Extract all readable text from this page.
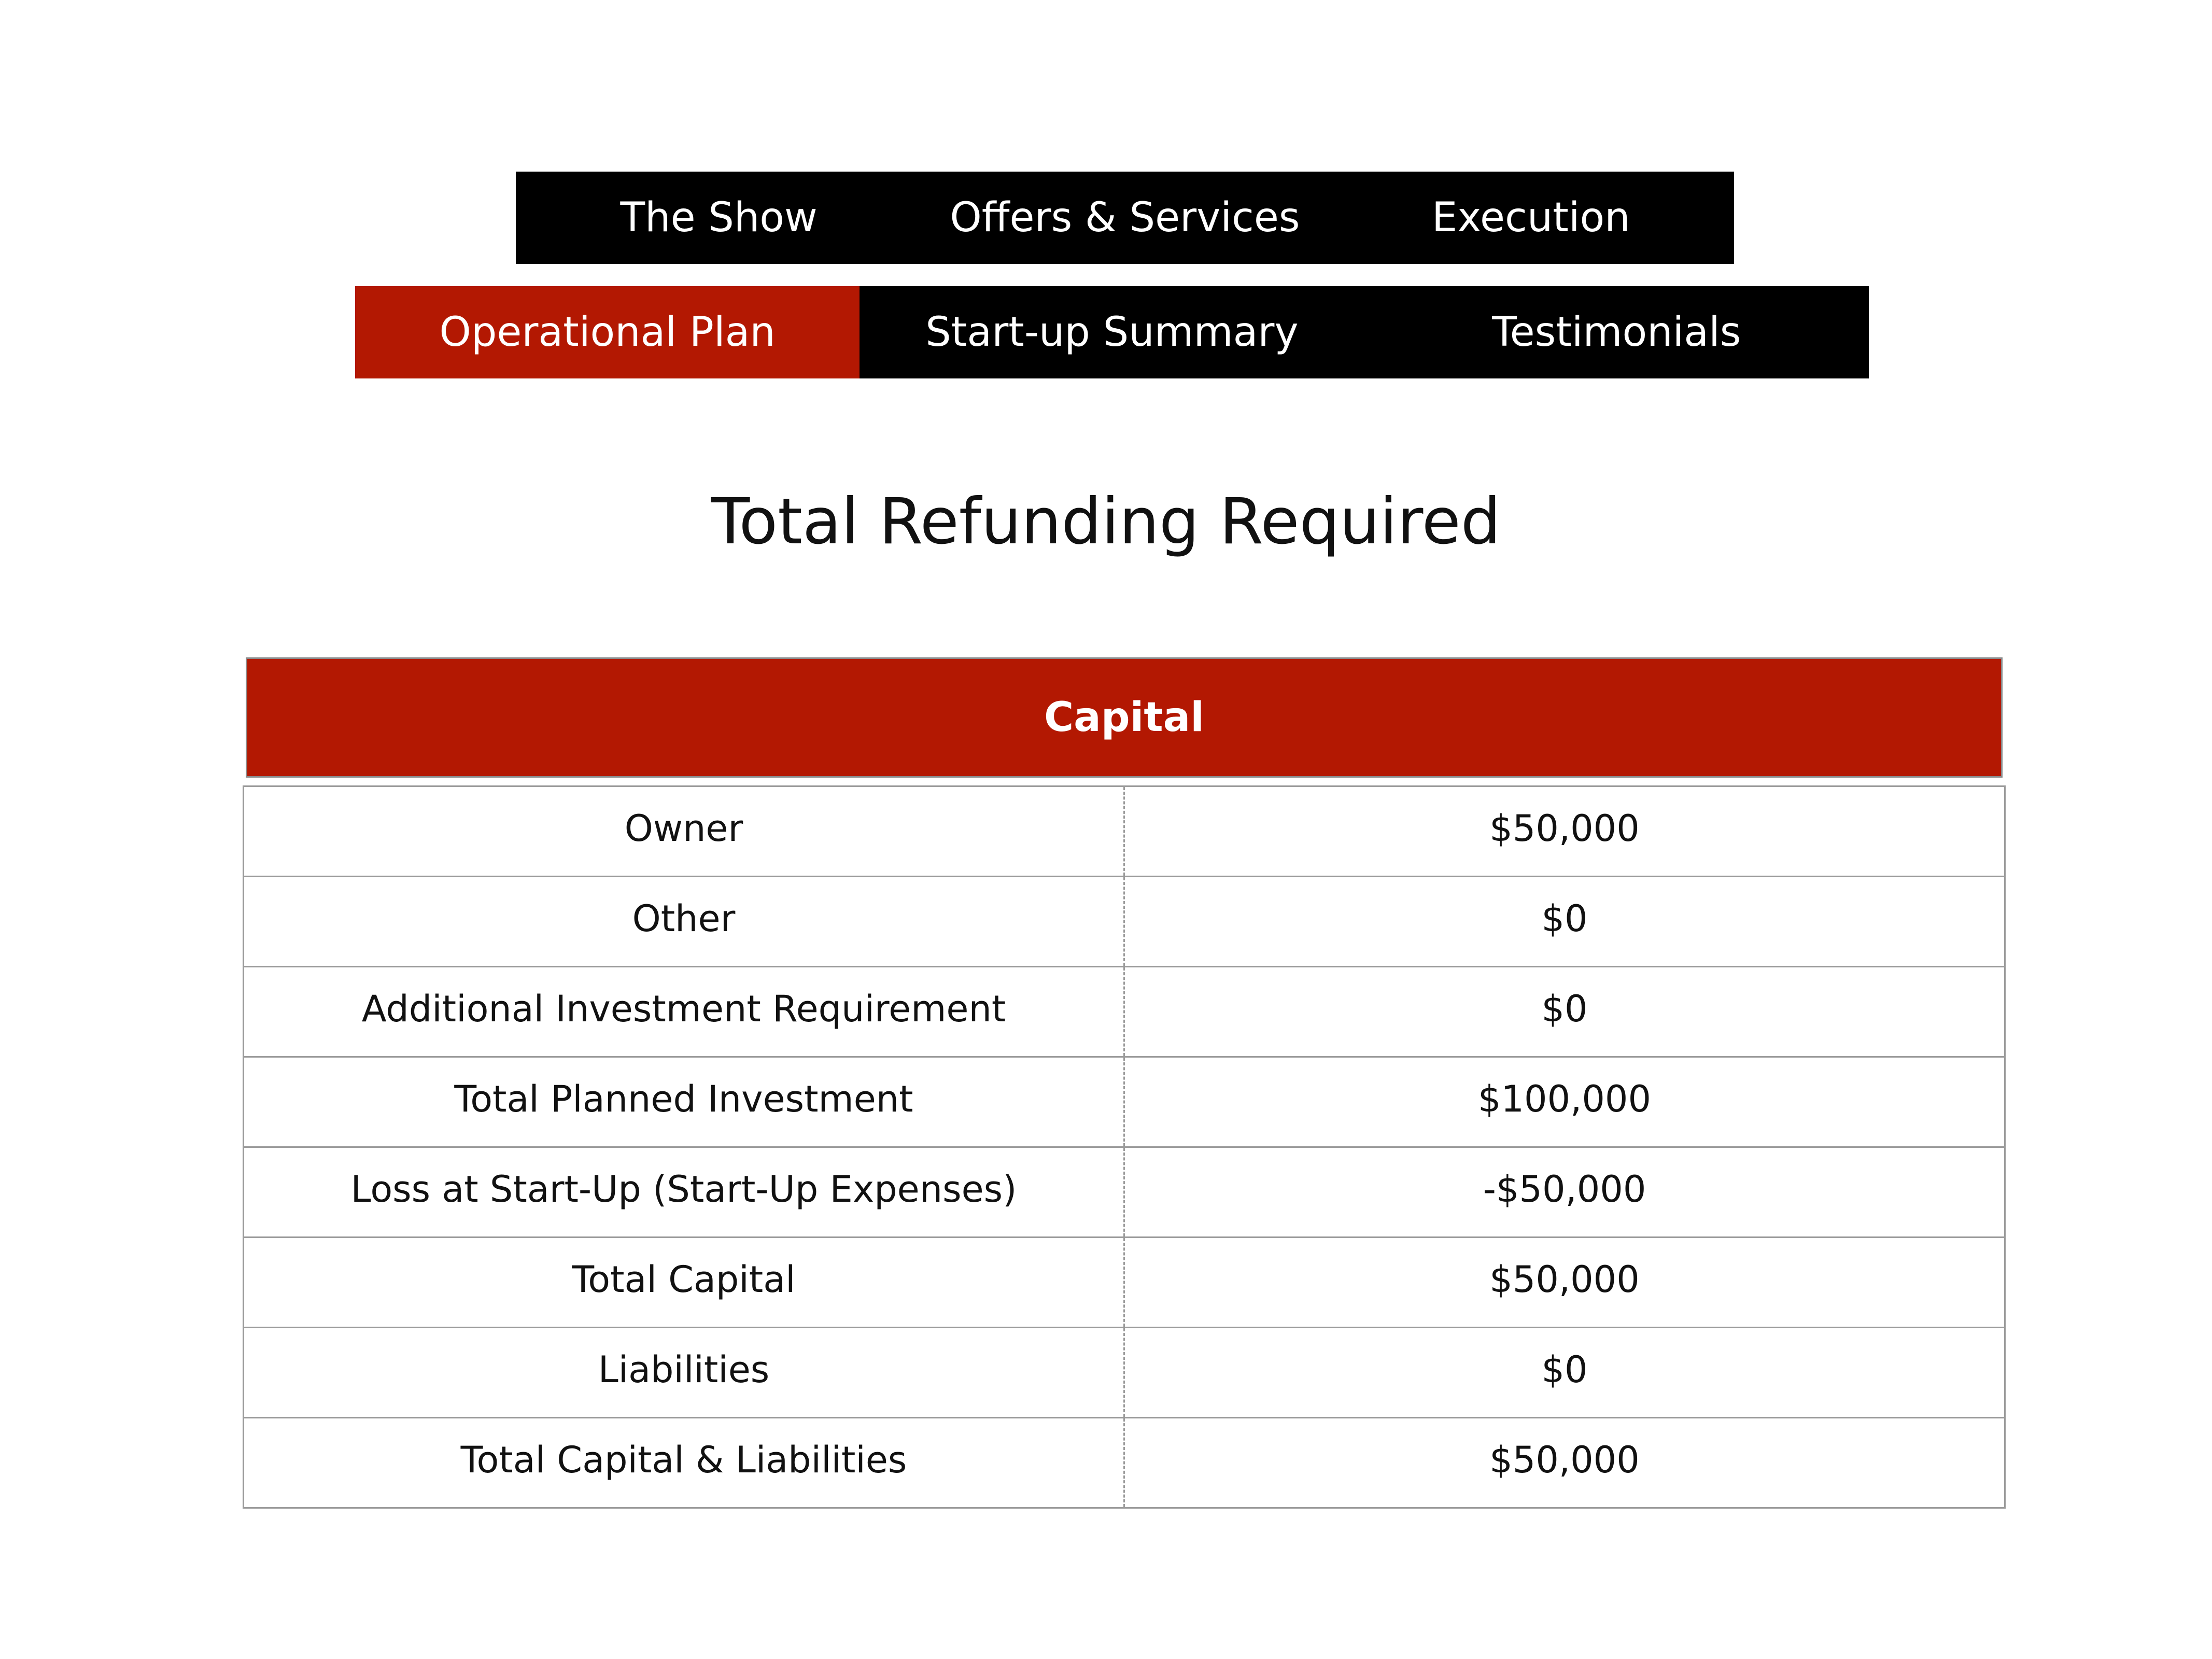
The Show	Offers & Services	Execution
Operational Plan	Start-up Summary	Testimonials
Total Refunding Required
Capital
Owner	$50,000
Other	$0
Additional Investment Requirement	$0
Total Planned Investment	$100,000
Loss at Start-Up (Start-Up Expenses)	-$50,000
Total Capital	$50,000
Liabilities	$0
Total Capital & Liabilities	$50,000
